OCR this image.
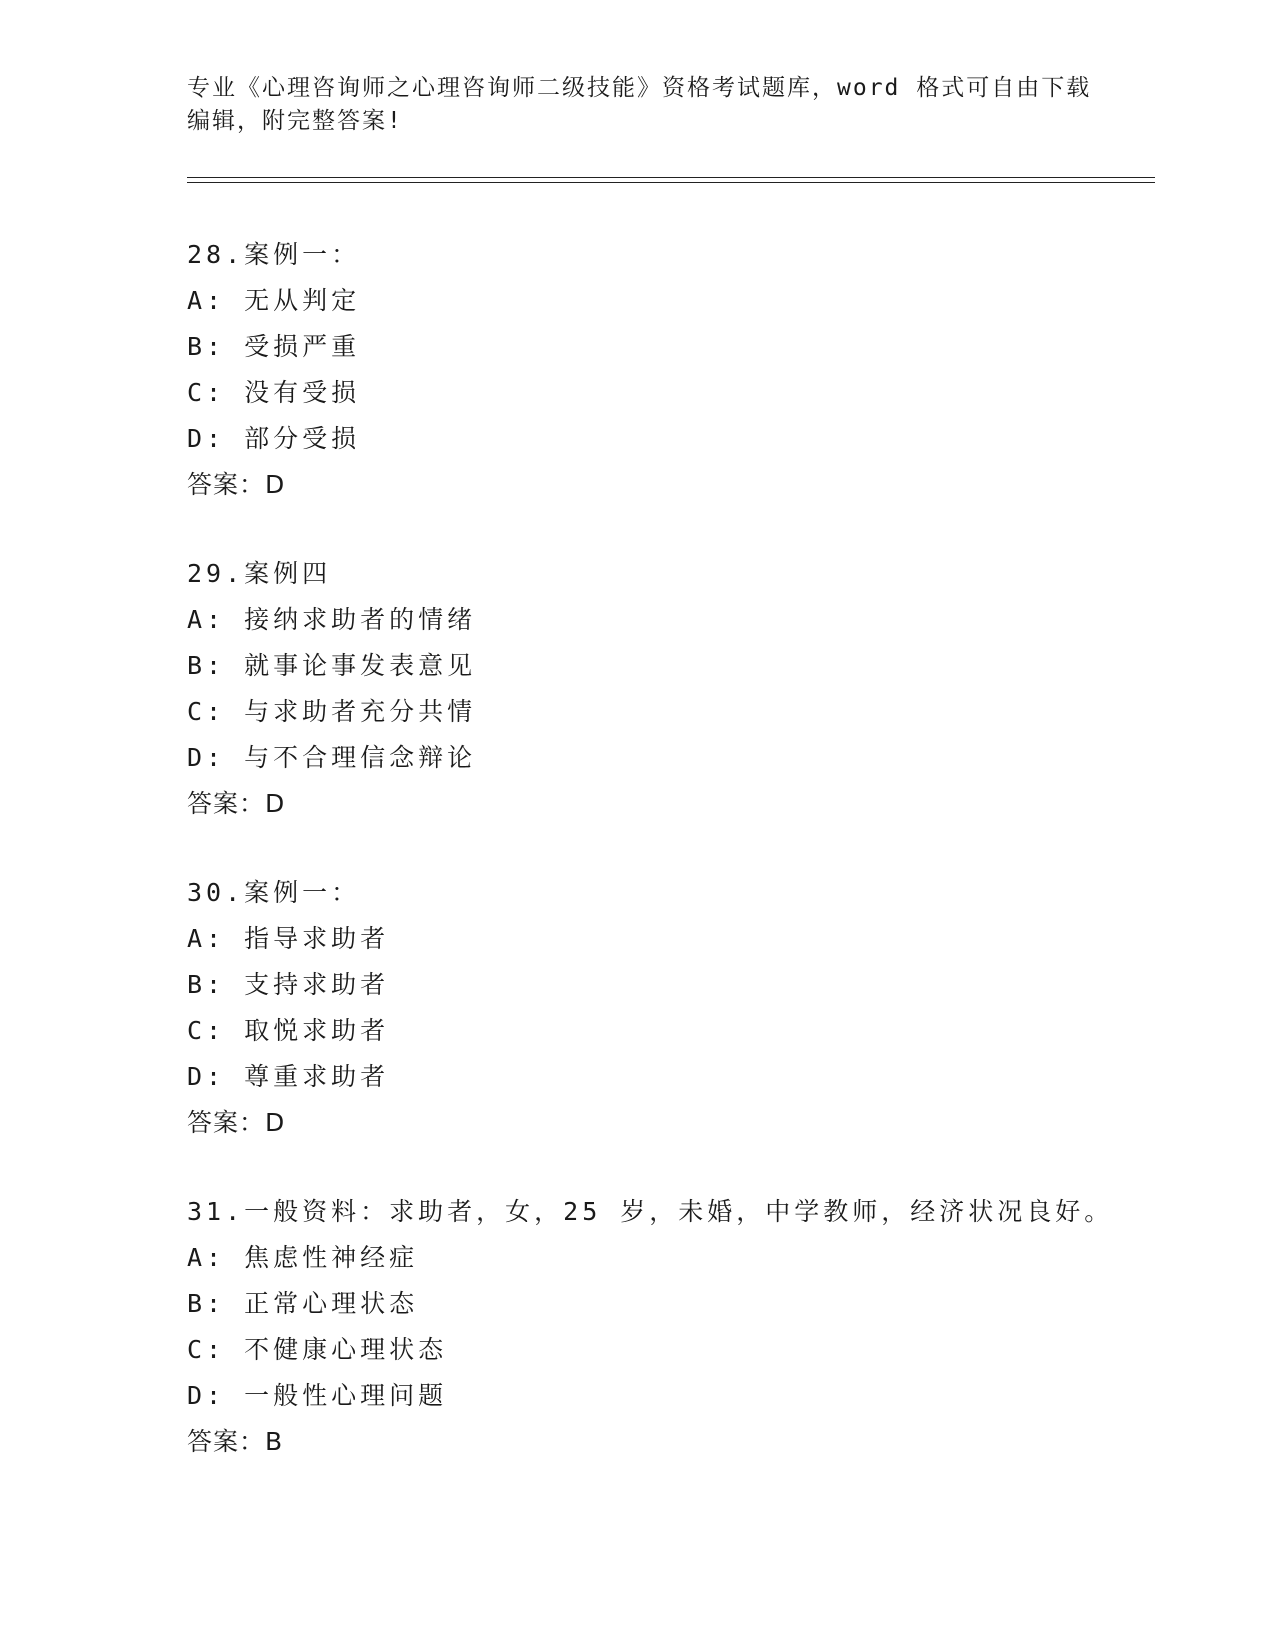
专业《心理咨询师之心理咨询师二级技能》资格考试题库，word 格式可自由下载
编辑，附完整答案!
28.案例一：
A: 无从判定
B: 受损严重
C: 没有受损
D: 部分受损
答案：D
29.案例四
A: 接纳求助者的情绪
B: 就事论事发表意见
C: 与求助者充分共情
D: 与不合理信念辩论
答案：D
30.案例一：
A: 指导求助者
B: 支持求助者
C: 取悦求助者
D: 尊重求助者
答案：D
31.一般资料：求助者，女，25 岁，未婚，中学教师，经济状况良好。
A: 焦虑性神经症
B: 正常心理状态
C: 不健康心理状态
D: 一般性心理问题
答案：B
